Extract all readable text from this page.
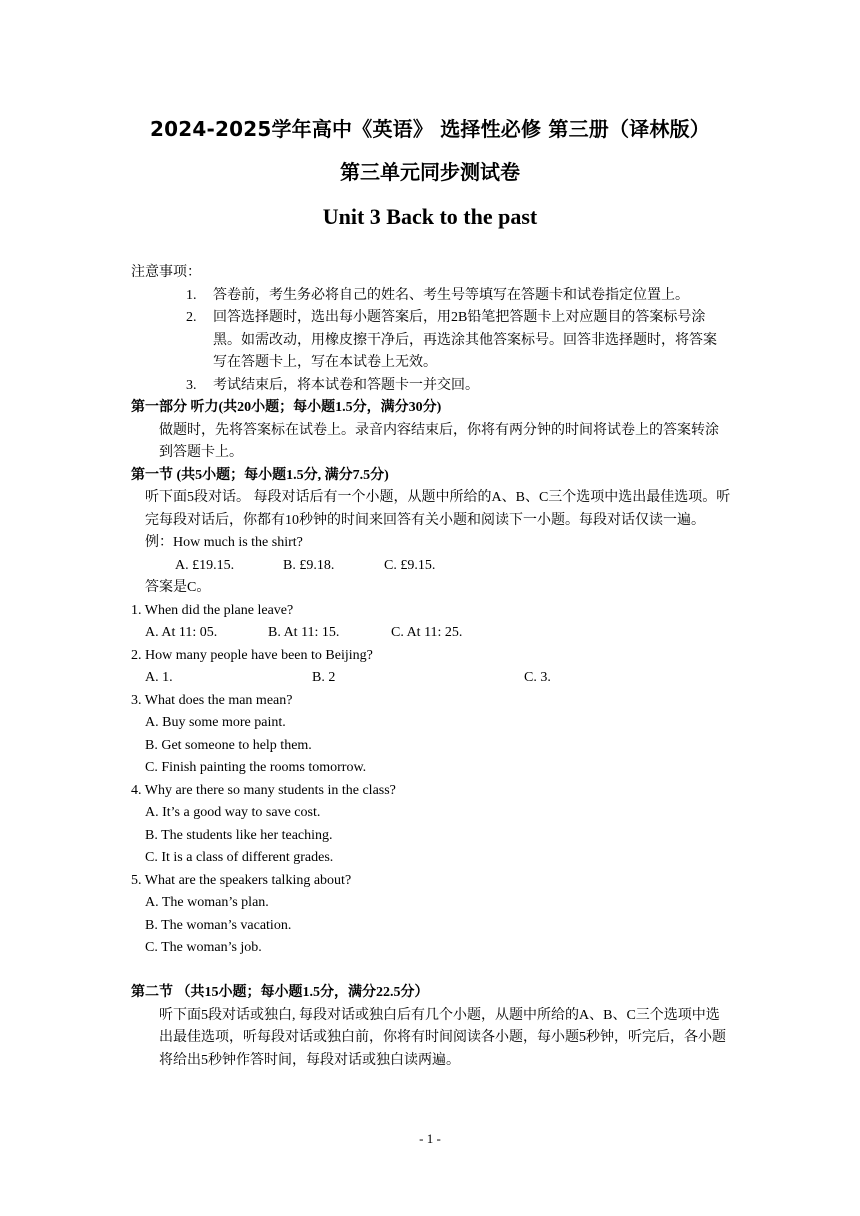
2024-2025学年高中《英语》 选择性必修 第三册（译林版）
第三单元同步测试卷
Unit 3 Back to the past
注意事项：
1. 答卷前，考生务必将自己的姓名、考生号等填写在答题卡和试卷指定位置上。
2. 回答选择题时，选出每小题答案后，用2B铅笔把答题卡上对应题目的答案标号涂黑。如需改动，用橡皮擦干净后，再选涂其他答案标号。回答非选择题时，将答案写在答题卡上，写在本试卷上无效。
3. 考试结束后，将本试卷和答题卡一并交回。
第一部分 听力(共20小题；每小题1.5分，满分30分)
做题时，先将答案标在试卷上。录音内容结束后，你将有两分钟的时间将试卷上的答案转涂到答题卡上。
第一节 (共5小题；每小题1.5分, 满分7.5分)
听下面5段对话。 每段对话后有一个小题，从题中所给的A、B、C三个选项中选出最佳选项。听完每段对话后，你都有10秒钟的时间来回答有关小题和阅读下一小题。每段对话仅读一遍。
例：How much is the shirt?
A. £19.15.	B. £9.18.	C. £9.15.
答案是C。
1. When did the plane leave?
A. At 11: 05.	B. At 11: 15.	C. At 11: 25.
2. How many people have been to Beijing?
A. 1.	B. 2	C. 3.
3. What does the man mean?
A. Buy some more paint.
B. Get someone to help them.
C. Finish painting the rooms tomorrow.
4. Why are there so many students in the class?
A. It’s a good way to save cost.
B. The students like her teaching.
C. It is a class of different grades.
5. What are the speakers talking about?
A. The woman’s plan.
B. The woman’s vacation.
C. The woman’s job.
第二节 （共15小题；每小题1.5分，满分22.5分）
听下面5段对话或独白, 每段对话或独白后有几个小题，从题中所给的A、B、C三个选项中选出最佳选项，听每段对话或独白前，你将有时间阅读各小题，每小题5秒钟，听完后，各小题将给出5秒钟作答时间，每段对话或独白读两遍。
- 1 -
